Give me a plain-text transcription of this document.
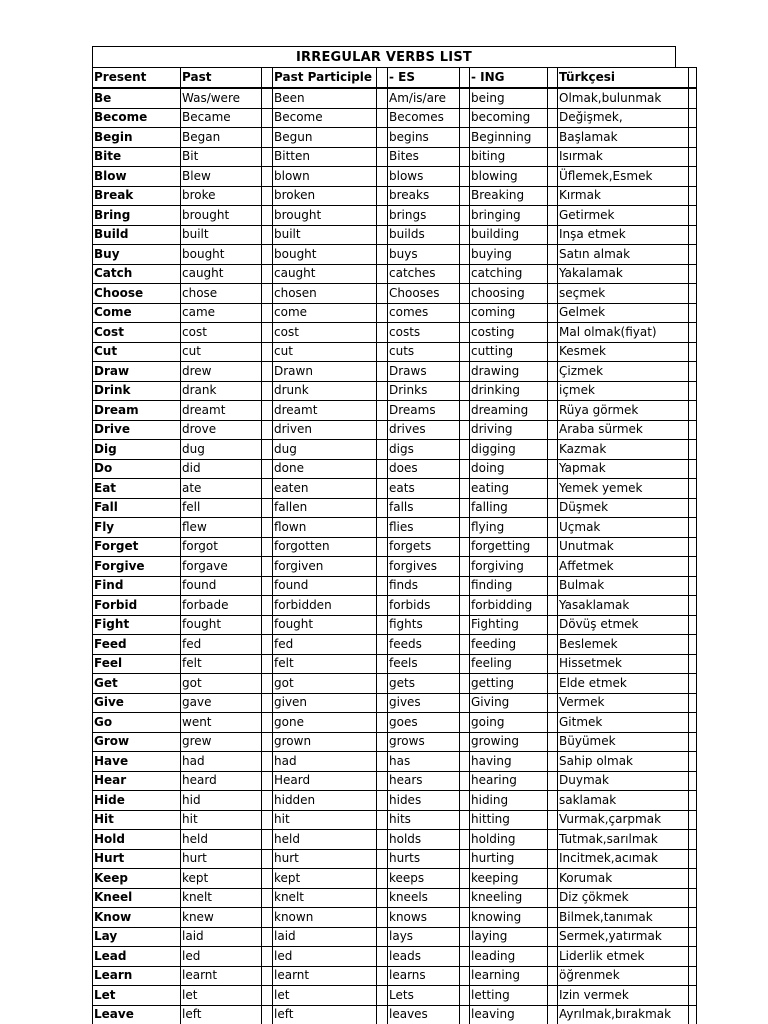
IRREGULAR VERBS LIST
Present	Past		Past Participle		- ES		- ING		Türkçesi	
Be	Was/were		Been		Am/is/are		being		Olmak,bulunmak	
Become	Became		Become		Becomes		becoming		Değişmek,	
Begin	Began		Begun		begins		Beginning		Başlamak	
Bite	Bit		Bitten		Bites		biting		Isırmak	
Blow	Blew		blown		blows		blowing		Üflemek,Esmek	
Break	broke		broken		breaks		Breaking		Kırmak	
Bring	brought		brought		brings		bringing		Getirmek	
Build	built		built		builds		building		Inşa etmek	
Buy	bought		bought		buys		buying		Satın almak	
Catch	caught		caught		catches		catching		Yakalamak	
Choose	chose		chosen		Chooses		choosing		seçmek	
Come	came		come		comes		coming		Gelmek	
Cost	cost		cost		costs		costing		Mal olmak(fiyat)	
Cut	cut		cut		cuts		cutting		Kesmek	
Draw	drew		Drawn		Draws		drawing		Çizmek	
Drink	drank		drunk		Drinks		drinking		içmek	
Dream	dreamt		dreamt		Dreams		dreaming		Rüya görmek	
Drive	drove		driven		drives		driving		Araba sürmek	
Dig	dug		dug		digs		digging		Kazmak	
Do	did		done		does		doing		Yapmak	
Eat	ate		eaten		eats		eating		Yemek yemek	
Fall	fell		fallen		falls		falling		Düşmek	
Fly	flew		flown		flies		flying		Uçmak	
Forget	forgot		forgotten		forgets		forgetting		Unutmak	
Forgive	forgave		forgiven		forgives		forgiving		Affetmek	
Find	found		found		finds		finding		Bulmak	
Forbid	forbade		forbidden		forbids		forbidding		Yasaklamak	
Fight	fought		fought		fights		Fighting		Dövüş etmek	
Feed	fed		fed		feeds		feeding		Beslemek	
Feel	felt		felt		feels		feeling		Hissetmek	
Get	got		got		gets		getting		Elde etmek	
Give	gave		given		gives		Giving		Vermek	
Go	went		gone		goes		going		Gitmek	
Grow	grew		grown		grows		growing		Büyümek	
Have	had		had		has		having		Sahip olmak	
Hear	heard		Heard		hears		hearing		Duymak	
Hide	hid		hidden		hides		hiding		saklamak	
Hit	hit		hit		hits		hitting		Vurmak,çarpmak	
Hold	held		held		holds		holding		Tutmak,sarılmak	
Hurt	hurt		hurt		hurts		hurting		Incitmek,acımak	
Keep	kept		kept		keeps		keeping		Korumak	
Kneel	knelt		knelt		kneels		kneeling		Diz çökmek	
Know	knew		known		knows		knowing		Bilmek,tanımak	
Lay	laid		laid		lays		laying		Sermek,yatırmak	
Lead	led		led		leads		leading		Liderlik etmek	
Learn	learnt		learnt		learns		learning		öğrenmek	
Let	let		let		Lets		letting		Izin vermek	
Leave	left		left		leaves		leaving		Ayrılmak,bırakmak	
